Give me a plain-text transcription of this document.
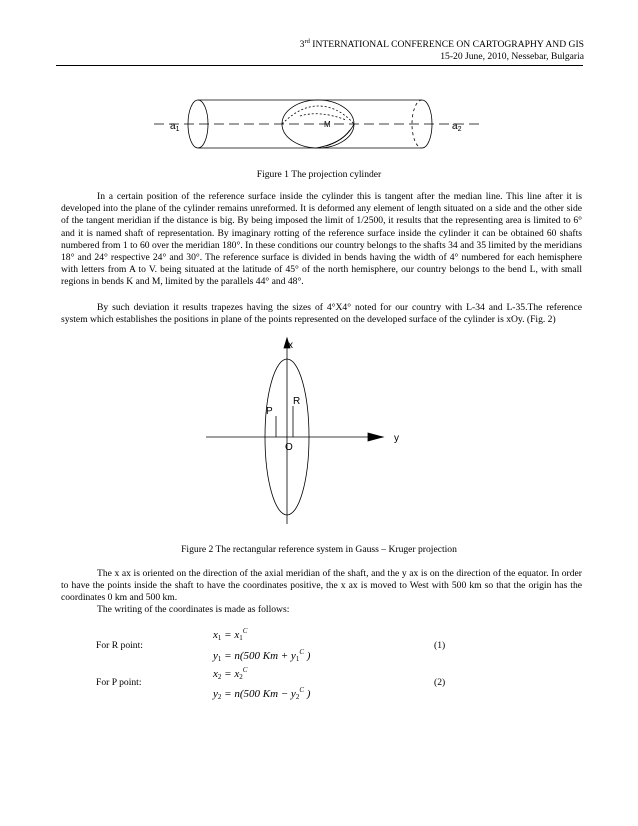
3rd INTERNATIONAL CONFERENCE ON CARTOGRAPHY AND GIS
15-20 June, 2010, Nessebar, Bulgaria
$a_1$
M	$a_2$
Figure 1 The projection cylinder

In a certain position of the reference surface inside the cylinder this is tangent after the median line. This line after it is developed into the plane of the cylinder remains unreformed. It is deformed any element of length situated on a side and the other side of the tangent meridian if the distance is big. By being imposed the limit of 1/2500, it results that the representing area is limited to 6° and it is named shaft of representation. By imaginary rotting of the reference surface inside the cylinder it can be obtained 60 shafts numbered from 1 to 60 over the meridian 180°. In these conditions our country belongs to the shafts 34 and 35 limited by the meridians 18° and 24° respective 24° and 30°. The reference surface is divided in bends having the width of 4° numbered for each hemisphere with letters from A to V. being situated at the latitude of 45° of the north hemisphere, our country belongs to the bend L, with small regions in bends K and M, limited by the parallels 44° and 48°.

By such deviation it results trapezes having the sizes of 4°X4° noted for our country with L-34 and L-35.The reference system which establishes the positions in plane of the points represented on the developed surface of the cylinder is xOy. (Fig. 2)

x
y
R
P
O
Figure 2 The rectangular reference system in Gauss – Kruger projection

The x ax is oriented on the direction of the axial meridian of the shaft, and the y ax is on the direction of the equator. In order to have the points inside the shaft to have the coordinates positive, the x ax is moved to West with 500 km so that the origin has the coordinates 0 km and 500 km.

The writing of the coordinates is made as follows:

For R point:	(1)
For P point:	(2)
$x_1 = x_1^C$
$y_1 = n(500$ $Km + y_1^C$ )
$x_2 = x_2^C$
$y_2 = n(500$ $Km - y_2^C$ )
